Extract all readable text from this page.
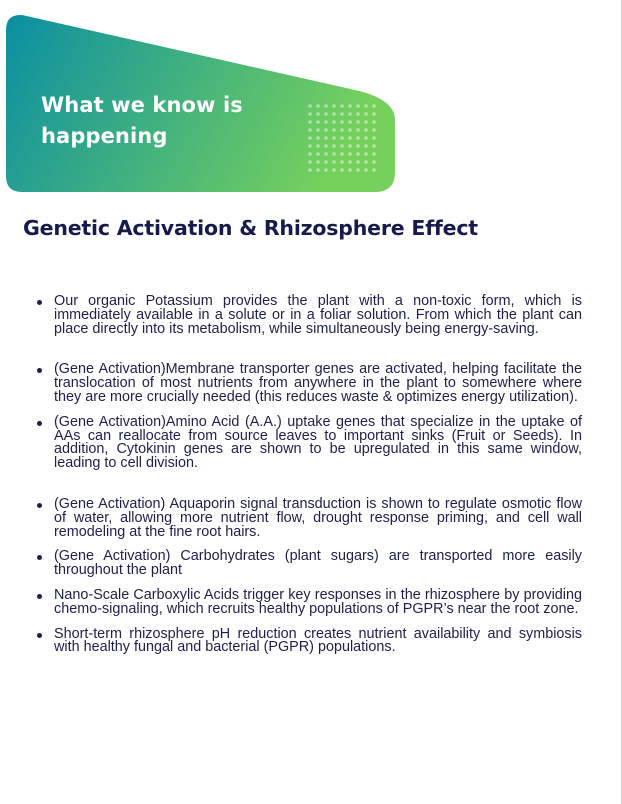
What we know is happening
Genetic Activation & Rhizosphere Effect
Our organic Potassium provides the plant with a non-toxic form, which is immediately available in a solute or in a foliar solution. From which the plant can place directly into its metabolism, while simultaneously being energy-saving.
(Gene Activation)Membrane transporter genes are activated, helping facilitate the translocation of most nutrients from anywhere in the plant to somewhere where they are more crucially needed (this reduces waste & optimizes energy utilization).
(Gene Activation)Amino Acid (A.A.) uptake genes that specialize in the uptake of AAs can reallocate from source leaves to important sinks (Fruit or Seeds). In addition, Cytokinin genes are shown to be upregulated in this same window, leading to cell division.
(Gene Activation) Aquaporin signal transduction is shown to regulate osmotic flow of water, allowing more nutrient flow, drought response priming, and cell wall remodeling at the fine root hairs.
(Gene Activation) Carbohydrates (plant sugars) are transported more easily throughout the plant
Nano-Scale Carboxylic Acids trigger key responses in the rhizosphere by providing chemo-signaling, which recruits healthy populations of PGPR’s near the root zone.
Short-term rhizosphere pH reduction creates nutrient availability and symbiosis with healthy fungal and bacterial (PGPR) populations.
